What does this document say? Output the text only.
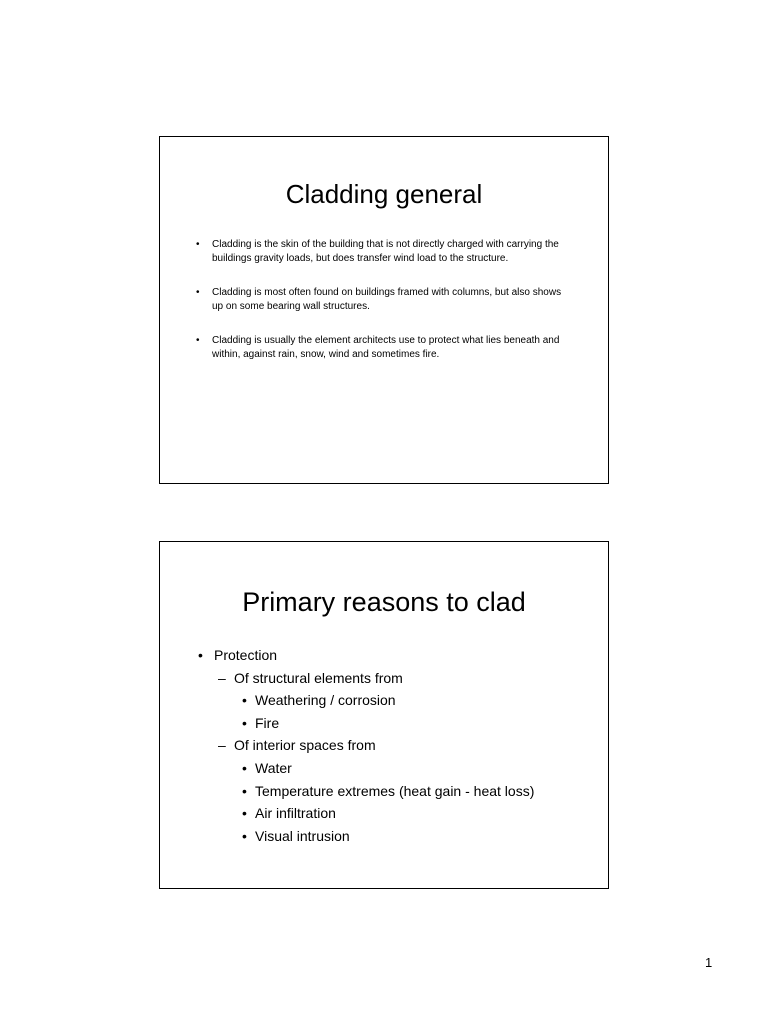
Cladding general
• Cladding is the skin of the building that is not directly charged with carrying the buildings gravity loads, but does transfer wind load to the structure.
• Cladding is most often found on buildings framed with columns, but also shows up on some bearing wall structures.
• Cladding is usually the element architects use to protect what lies beneath and within, against rain, snow, wind and sometimes fire.
Primary reasons to clad
• Protection
– Of structural elements from
• Weathering / corrosion
• Fire
– Of interior spaces from
• Water
• Temperature extremes (heat gain - heat loss)
• Air infiltration
• Visual intrusion
1
